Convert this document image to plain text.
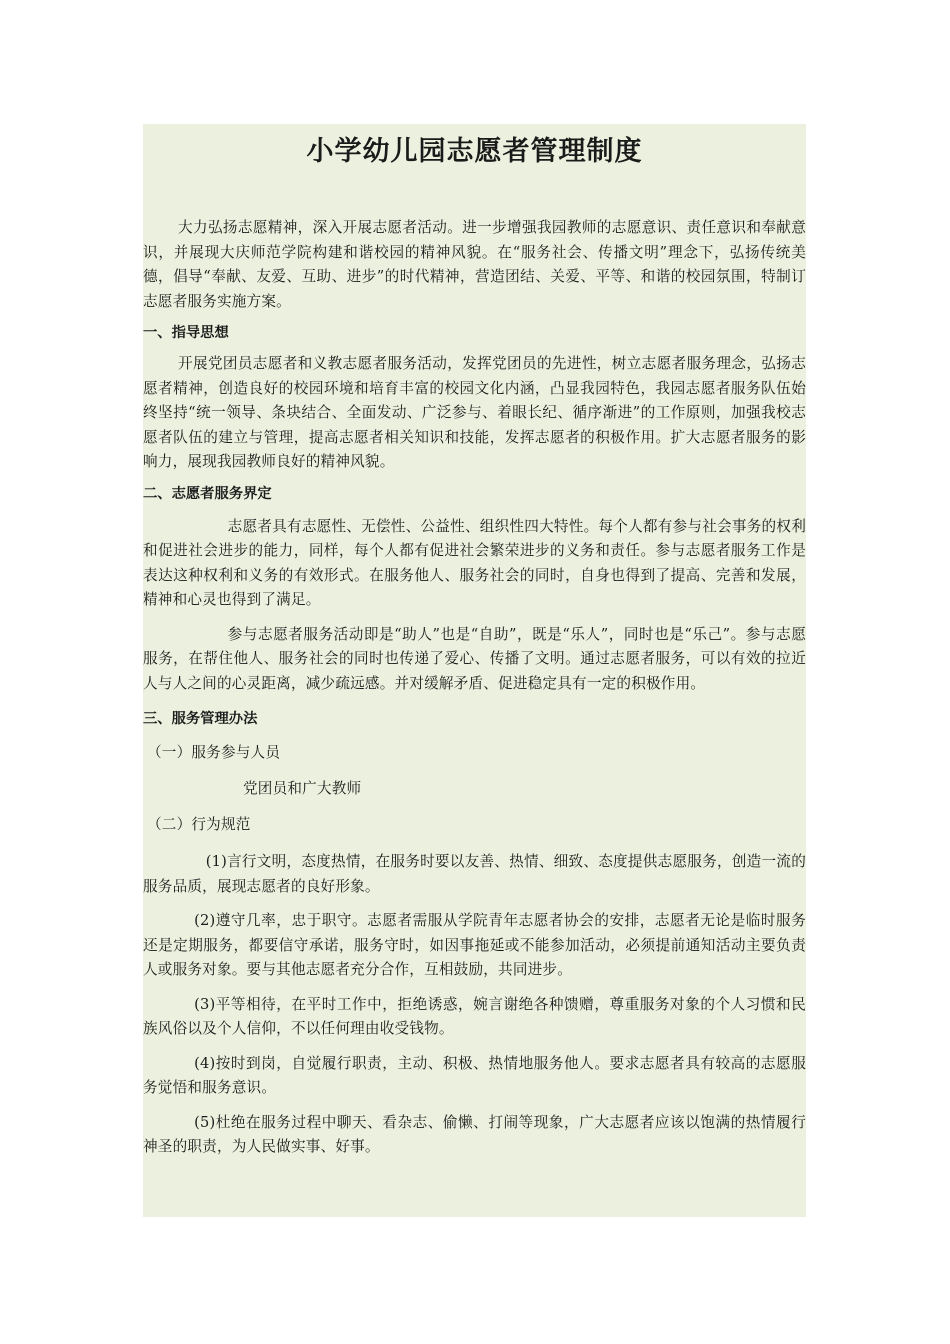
小学幼儿园志愿者管理制度

大力弘扬志愿精神，深入开展志愿者活动。进一步增强我园教师的志愿意识、责任意识和奉献意识，并展现大庆师范学院构建和谐校园的精神风貌。在“服务社会、传播文明”理念下，弘扬传统美德，倡导“奉献、友爱、互助、进步”的时代精神，营造团结、关爱、平等、和谐的校园氛围，特制订志愿者服务实施方案。

一、指导思想

开展党团员志愿者和义教志愿者服务活动，发挥党团员的先进性，树立志愿者服务理念，弘扬志愿者精神，创造良好的校园环境和培育丰富的校园文化内涵，凸显我园特色，我园志愿者服务队伍始终坚持“统一领导、条块结合、全面发动、广泛参与、着眼长纪、循序渐进”的工作原则，加强我校志愿者队伍的建立与管理，提高志愿者相关知识和技能，发挥志愿者的积极作用。扩大志愿者服务的影响力，展现我园教师良好的精神风貌。

二、志愿者服务界定

志愿者具有志愿性、无偿性、公益性、组织性四大特性。每个人都有参与社会事务的权利和促进社会进步的能力，同样，每个人都有促进社会繁荣进步的义务和责任。参与志愿者服务工作是表达这种权利和义务的有效形式。在服务他人、服务社会的同时，自身也得到了提高、完善和发展，精神和心灵也得到了满足。

参与志愿者服务活动即是“助人”也是“自助”，既是“乐人”，同时也是“乐己”。参与志愿服务，在帮住他人、服务社会的同时也传递了爱心、传播了文明。通过志愿者服务，可以有效的拉近人与人之间的心灵距离，减少疏远感。并对缓解矛盾、促进稳定具有一定的积极作用。

三、服务管理办法

（一）服务参与人员

党团员和广大教师

（二）行为规范

(1)言行文明，态度热情，在服务时要以友善、热情、细致、态度提供志愿服务，创造一流的服务品质，展现志愿者的良好形象。

(2)遵守几率，忠于职守。志愿者需服从学院青年志愿者协会的安排，志愿者无论是临时服务还是定期服务，都要信守承诺，服务守时，如因事拖延或不能参加活动，必须提前通知活动主要负责人或服务对象。要与其他志愿者充分合作，互相鼓励，共同进步。

(3)平等相待，在平时工作中，拒绝诱惑，婉言谢绝各种馈赠，尊重服务对象的个人习惯和民族风俗以及个人信仰，不以任何理由收受钱物。

(4)按时到岗，自觉履行职责，主动、积极、热情地服务他人。要求志愿者具有较高的志愿服务觉悟和服务意识。

(5)杜绝在服务过程中聊天、看杂志、偷懒、打闹等现象，广大志愿者应该以饱满的热情履行神圣的职责，为人民做实事、好事。
